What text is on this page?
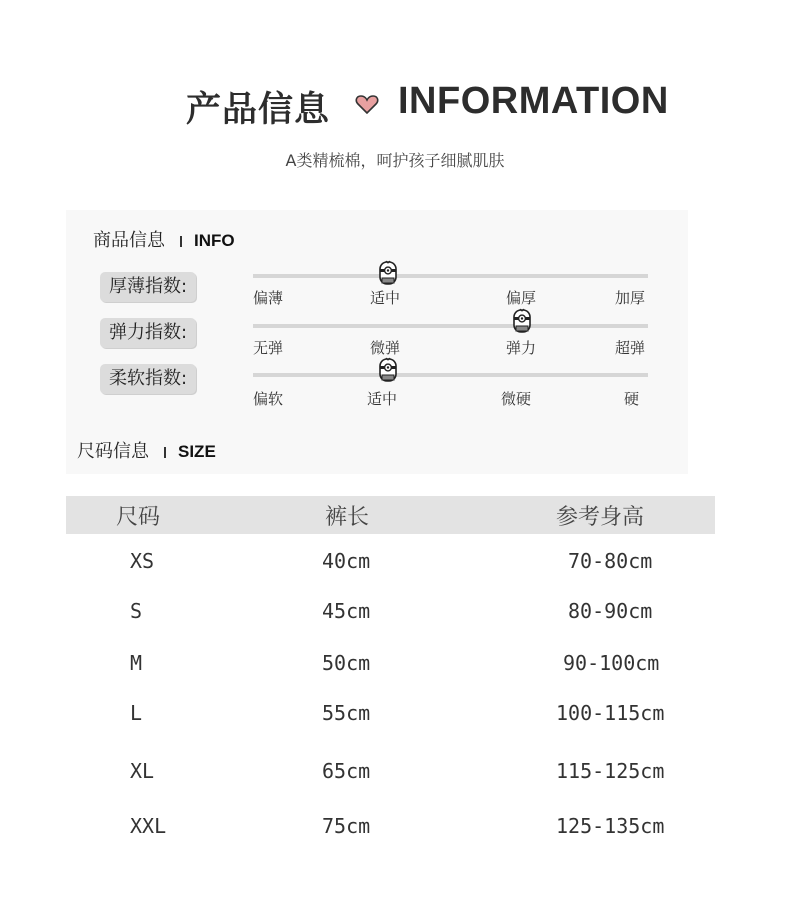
产品信息 INFORMATION
A类精梳棉，呵护孩子细腻肌肤
商品信息 INFO
厚薄指数:
偏薄	适中	偏厚	加厚
弹力指数:
无弹	微弹	弹力	超弹
柔软指数:
偏软	适中	微硬	硬
尺码信息 SIZE
尺码	裤长	参考身高
XS	40cm	70-80cm
S	45cm	80-90cm
M	50cm	90-100cm
L	55cm	100-115cm
XL	65cm	115-125cm
XXL	75cm	125-135cm
